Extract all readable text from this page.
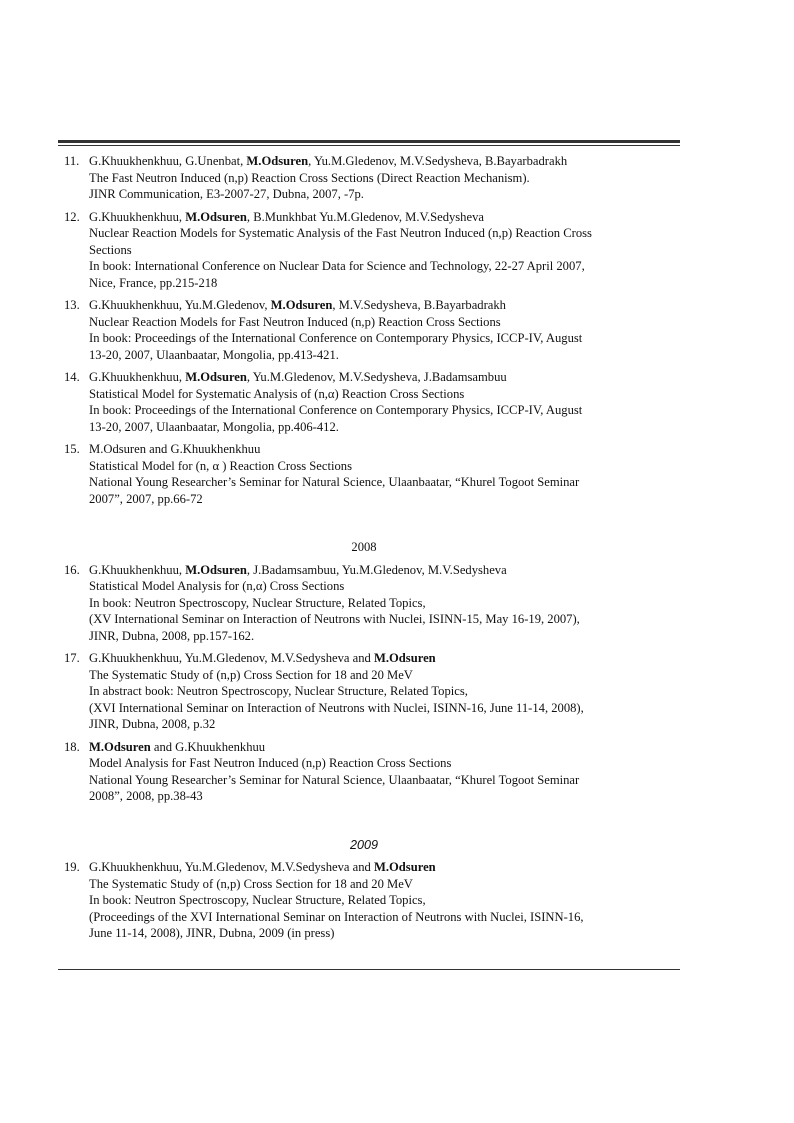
11. G.Khuukhenkhuu, G.Unenbat, M.Odsuren, Yu.M.Gledenov, M.V.Sedysheva, B.Bayarbadrakh
The Fast Neutron Induced (n,p) Reaction Cross Sections (Direct Reaction Mechanism).
JINR Communication, E3-2007-27, Dubna, 2007, -7p.
12. G.Khuukhenkhuu, M.Odsuren, B.Munkhbat Yu.M.Gledenov, M.V.Sedysheva
Nuclear Reaction Models for Systematic Analysis of the Fast Neutron Induced (n,p) Reaction Cross
Sections
In book: International Conference on Nuclear Data for Science and Technology, 22-27 April 2007,
Nice, France, pp.215-218
13. G.Khuukhenkhuu, Yu.M.Gledenov, M.Odsuren, M.V.Sedysheva, B.Bayarbadrakh
Nuclear Reaction Models for Fast Neutron Induced (n,p) Reaction Cross Sections
In book: Proceedings of the International Conference on Contemporary Physics, ICCP-IV, August
13-20, 2007, Ulaanbaatar, Mongolia, pp.413-421.
14. G.Khuukhenkhuu, M.Odsuren, Yu.M.Gledenov, M.V.Sedysheva, J.Badamsambuu
Statistical Model for Systematic Analysis of (n,α) Reaction Cross Sections
In book: Proceedings of the International Conference on Contemporary Physics, ICCP-IV, August
13-20, 2007, Ulaanbaatar, Mongolia, pp.406-412.
15. M.Odsuren and G.Khuukhenkhuu
Statistical Model for (n, α ) Reaction Cross Sections
National Young Researcher’s Seminar for Natural Science, Ulaanbaatar, “Khurel Togoot Seminar
2007”, 2007, pp.66-72
2008
16. G.Khuukhenkhuu, M.Odsuren, J.Badamsambuu, Yu.M.Gledenov, M.V.Sedysheva
Statistical Model Analysis for (n,α) Cross Sections
In book: Neutron Spectroscopy, Nuclear Structure, Related Topics,
(XV International Seminar on Interaction of Neutrons with Nuclei, ISINN-15, May 16-19, 2007),
JINR, Dubna, 2008, pp.157-162.
17. G.Khuukhenkhuu, Yu.M.Gledenov, M.V.Sedysheva and M.Odsuren
The Systematic Study of (n,p) Cross Section for 18 and 20 MeV
In abstract book: Neutron Spectroscopy, Nuclear Structure, Related Topics,
(XVI International Seminar on Interaction of Neutrons with Nuclei, ISINN-16, June 11-14, 2008),
JINR, Dubna, 2008, p.32
18. M.Odsuren and G.Khuukhenkhuu
Model Analysis for Fast Neutron Induced (n,p) Reaction Cross Sections
National Young Researcher’s Seminar for Natural Science, Ulaanbaatar, “Khurel Togoot Seminar
2008”, 2008, pp.38-43
2009
19. G.Khuukhenkhuu, Yu.M.Gledenov, M.V.Sedysheva and M.Odsuren
The Systematic Study of (n,p) Cross Section for 18 and 20 MeV
In book: Neutron Spectroscopy, Nuclear Structure, Related Topics,
(Proceedings of the XVI International Seminar on Interaction of Neutrons with Nuclei, ISINN-16,
June 11-14, 2008), JINR, Dubna, 2009 (in press)
